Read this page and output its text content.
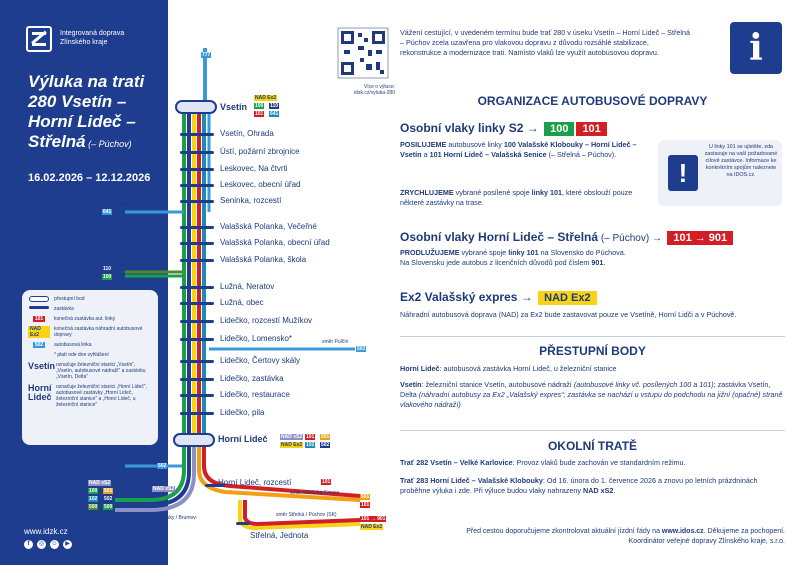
Integrovaná doprava
Zlínského kraje
Výluka na trati
280 Vsetín –
Horní Lideč –
Střelná (– Púchov)
16.02.2026 – 12.12.2026
přestupní bod
zastávka
101	konečná zastávka aut. linky
NAD Ex2
konečná zastávka náhradní autobusové dopravy
502	autobusová linka
* platí ode dne vyhlášení
Vsetín označuje železniční stanici „Vsetín“, „Vsetín, autobusové nádraží“ a zastávku „Vsetín, Delta“
Horní
Lideč
označuje železniční stanici „Horní Lideč“, autobusové zastávky „Horní Lideč, železniční stanice“ a „Horní Lideč, u železniční stanice“
www.idzk.cz
f	◎	☺	▶
Vsetín
Vsetín, Ohrada
Ústí, požární zbrojnice
Leskovec, Na čtvrti
Leskovec, obecní úřad
Seninka, rozcestí
Valašská Polanka, Večeřné
Valašská Polanka, obecní úřad
Valašská Polanka, škola
Lužná, Neratov
Lužná, obec
Lidečko, rozcestí Mužíkov
Lidečko, Lomensko*
Lidečko, Čertovy skály
Lidečko, zastávka
Lidečko, restaurace
Lidečko, pila
Horní Lideč
Horní Lideč, rozcestí
Střelná, Jednota
NAD Ex2
100 110
101 641
777
směr Seninka
641
směr Zlín
110
100
směr Pulčín
502
směr Lačnov
502
směr Valašské Klobouky / Brumov-Bylnice
směr Valašská Senice
směr Střelná / Púchov (SK)
NAD xS2 101 501
NAD Ex2 102 502
NAD xS2
100 501
102 502
500 500
NAD xS2
101
501
101
101 → 901
NAD Ex2
Více o výluce:
idzk.cz/vyluka-280
Vážení cestující, v uvedeném termínu bude trať 280 v úseku Vsetín – Horní Lideč – Střelná – Púchov zcela uzavřena pro vlakovou dopravu z důvodu rozsáhlé stabilizace, rekonstrukce a modernizace trati. Namísto vlaků lze využít autobusovou dopravu.	i
ORGANIZACE AUTOBUSOVÉ DOPRAVY
Osobní vlaky linky S2 → 100 101
POSILUJEME autobusové linky 100 Valašské Klobouky – Horní Lideč – Vsetín a 101 Horní Lideč – Valašská Senice (– Střelná – Púchov).
ZRYCHLUJEME vybrané posílené spoje linky 101, které obslouží pouze některé zastávky na trase.
!
U linky 101 se ujistěte, zda zastavuje na vaší požadované cílové zastávce. Informace ke konkrétním spojům naleznete na IDOS.cz.
Osobní vlaky Horní Lideč – Střelná (– Púchov) → 101 → 901
PRODLUŽUJEME vybrané spoje linky 101 na Slovensko do Púchova.
Na Slovensku jede autobus z licenčních důvodů pod číslem 901.
Ex2 Valašský expres → NAD Ex2
Náhradní autobusová doprava (NAD) za Ex2 bude zastavovat pouze ve Vsetíně, Horní Lidči a v Púchově.
PŘESTUPNÍ BODY
Horní Lideč: autobusová zastávka Horní Lideč, u železniční stanice
Vsetín: železniční stanice Vsetín, autobusové nádraží (autobusové linky vč. posílených 100 a 101); zastávka Vsetín, Delta (náhradní autobusy za Ex2 „Valašský expres“; zastávka se nachází u vstupu do podchodu na jižní (opačné) straně vlakového nádraží)
OKOLNÍ TRATĚ
Trať 282 Vsetín – Velké Karlovice: Provoz vlaků bude zachován ve standardním režimu.
Trať 283 Horní Lideč – Valašské Klobouky: Od 16. února do 1. července 2026 a znovu po letních prázdninách proběhne výluka i zde. Při výluce budou vlaky nahrazeny NAD xS2.
Před cestou doporučujeme zkontrolovat aktuální jízdní řády na www.idos.cz. Děkujeme za pochopení.
Koordinátor veřejné dopravy Zlínského kraje, s.r.o.
